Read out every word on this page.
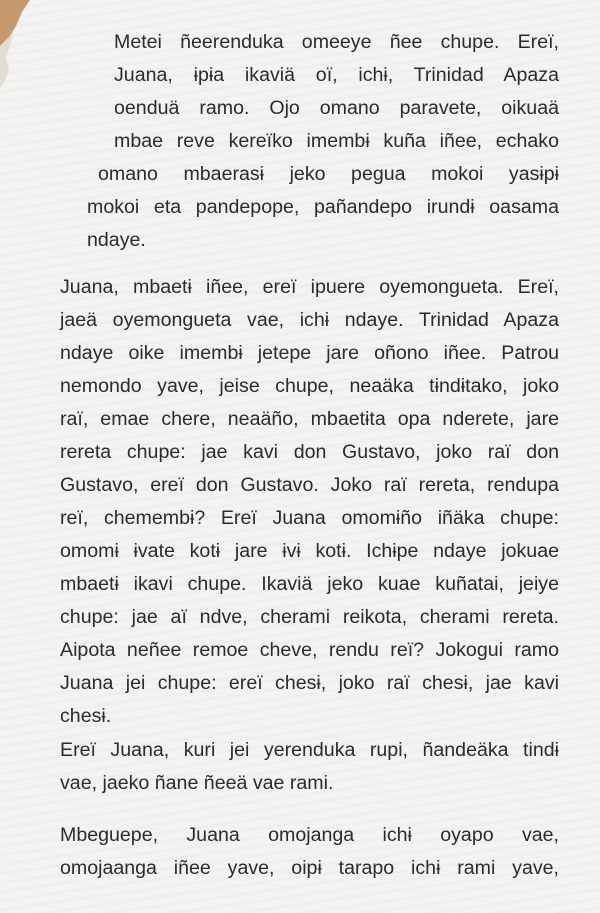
Metei ñeerenduka omeeye ñee chupe. Ereï,
Juana, ɨpɨa ikaviä oï, ichɨ, Trinidad Apaza
oenduä ramo. Ojo omano paravete, oikuaä
mbae reve kereïko imembɨ kuña iñee, echako
omano mbaerasɨ jeko pegua mokoi yasɨpɨ
mokoi eta pandepope, pañandepo irundɨ oasama
ndaye.
Juana, mbaetɨ iñee, ereï ipuere oyemongueta. Ereï,
jaeä oyemongueta vae, ichɨ ndaye. Trinidad Apaza
ndaye oike imembɨ jetepe jare oñono iñee. Patrou
nemondo yave, jeise chupe, neaäka tɨndɨtako, joko
raï, emae chere, neaäño, mbaetɨta opa nderete, jare
rereta chupe: jae kavi don Gustavo, joko raï don
Gustavo, ereï don Gustavo. Joko raï rereta, rendupa
reï, chemembɨ? Ereï Juana omomɨño iñäka chupe:
omomɨ ɨvate kotɨ jare ɨvɨ kotɨ. Ichɨpe ndaye jokuae
mbaetɨ ikavi chupe. Ikaviä jeko kuae kuñatai, jeiye
chupe: jae aï ndve, cherami reikota, cherami rereta.
Aipota neñee remoe cheve, rendu reï? Jokogui ramo
Juana jei chupe: ereï chesɨ, joko raï chesɨ, jae kavi
chesɨ.
Ereï Juana, kuri jei yerenduka rupi, ñandeäka tindɨ
vae, jaeko ñane ñeeä vae rami.
Mbeguepe, Juana omojanga ichɨ oyapo vae,
omojaanga iñee yave, oipɨ tarapo ichɨ rami yave,
